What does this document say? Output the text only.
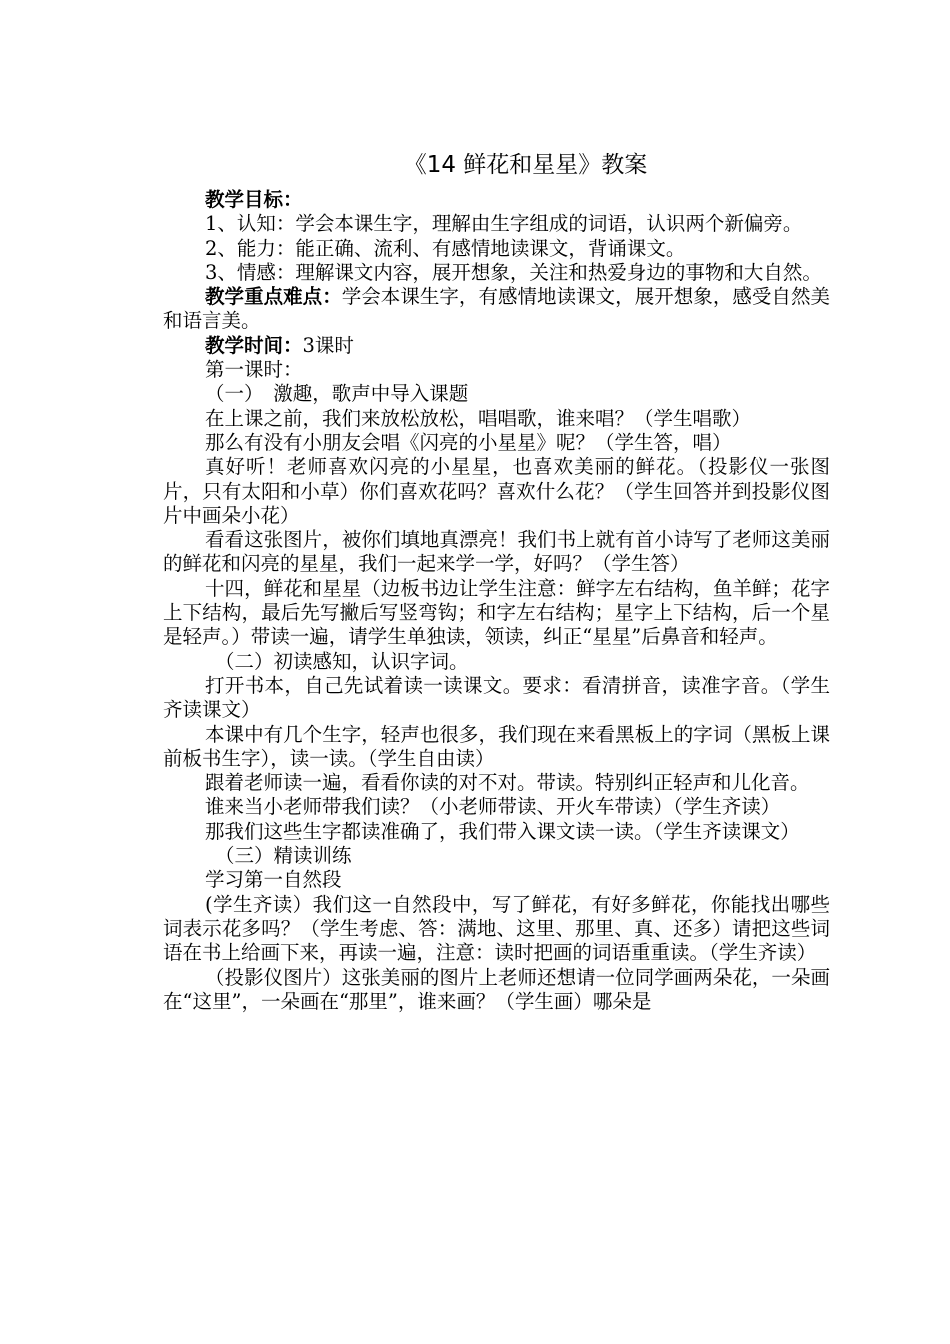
《14 鲜花和星星》教案

教学目标：

1、认知：学会本课生字，理解由生字组成的词语，认识两个新偏旁。

2、能力：能正确、流利、有感情地读课文，背诵课文。

3、情感：理解课文内容，展开想象，关注和热爱身边的事物和大自然。

教学重点难点：学会本课生字，有感情地读课文，展开想象，感受自然美和语言美。

教学时间：3课时

第一课时：

（一）　激趣，歌声中导入课题

在上课之前，我们来放松放松，唱唱歌，谁来唱？（学生唱歌）

那么有没有小朋友会唱《闪亮的小星星》呢？（学生答，唱）

真好听！老师喜欢闪亮的小星星，也喜欢美丽的鲜花。（投影仪一张图片，只有太阳和小草）你们喜欢花吗？喜欢什么花？（学生回答并到投影仪图片中画朵小花）

看看这张图片，被你们填地真漂亮！我们书上就有首小诗写了老师这美丽的鲜花和闪亮的星星，我们一起来学一学，好吗？（学生答）

十四，鲜花和星星（边板书边让学生注意：鲜字左右结构，鱼羊鲜；花字上下结构，最后先写撇后写竖弯钩；和字左右结构；星字上下结构，后一个星是轻声。）带读一遍，请学生单独读，领读，纠正“星星”后鼻音和轻声。

（二）初读感知，认识字词。

打开书本，自己先试着读一读课文。要求：看清拼音，读准字音。（学生齐读课文）

本课中有几个生字，轻声也很多，我们现在来看黑板上的字词（黑板上课前板书生字），读一读。（学生自由读）

跟着老师读一遍，看看你读的对不对。带读。特别纠正轻声和儿化音。

谁来当小老师带我们读？（小老师带读、开火车带读）（学生齐读）

那我们这些生字都读准确了，我们带入课文读一读。（学生齐读课文）

（三）精读训练

学习第一自然段

(学生齐读）我们这一自然段中，写了鲜花，有好多鲜花，你能找出哪些词表示花多吗？（学生考虑、答：满地、这里、那里、真、还多）请把这些词语在书上给画下来，再读一遍，注意：读时把画的词语重重读。（学生齐读）

（投影仪图片）这张美丽的图片上老师还想请一位同学画两朵花，一朵画在“这里”，一朵画在“那里”，谁来画？（学生画）哪朵是
